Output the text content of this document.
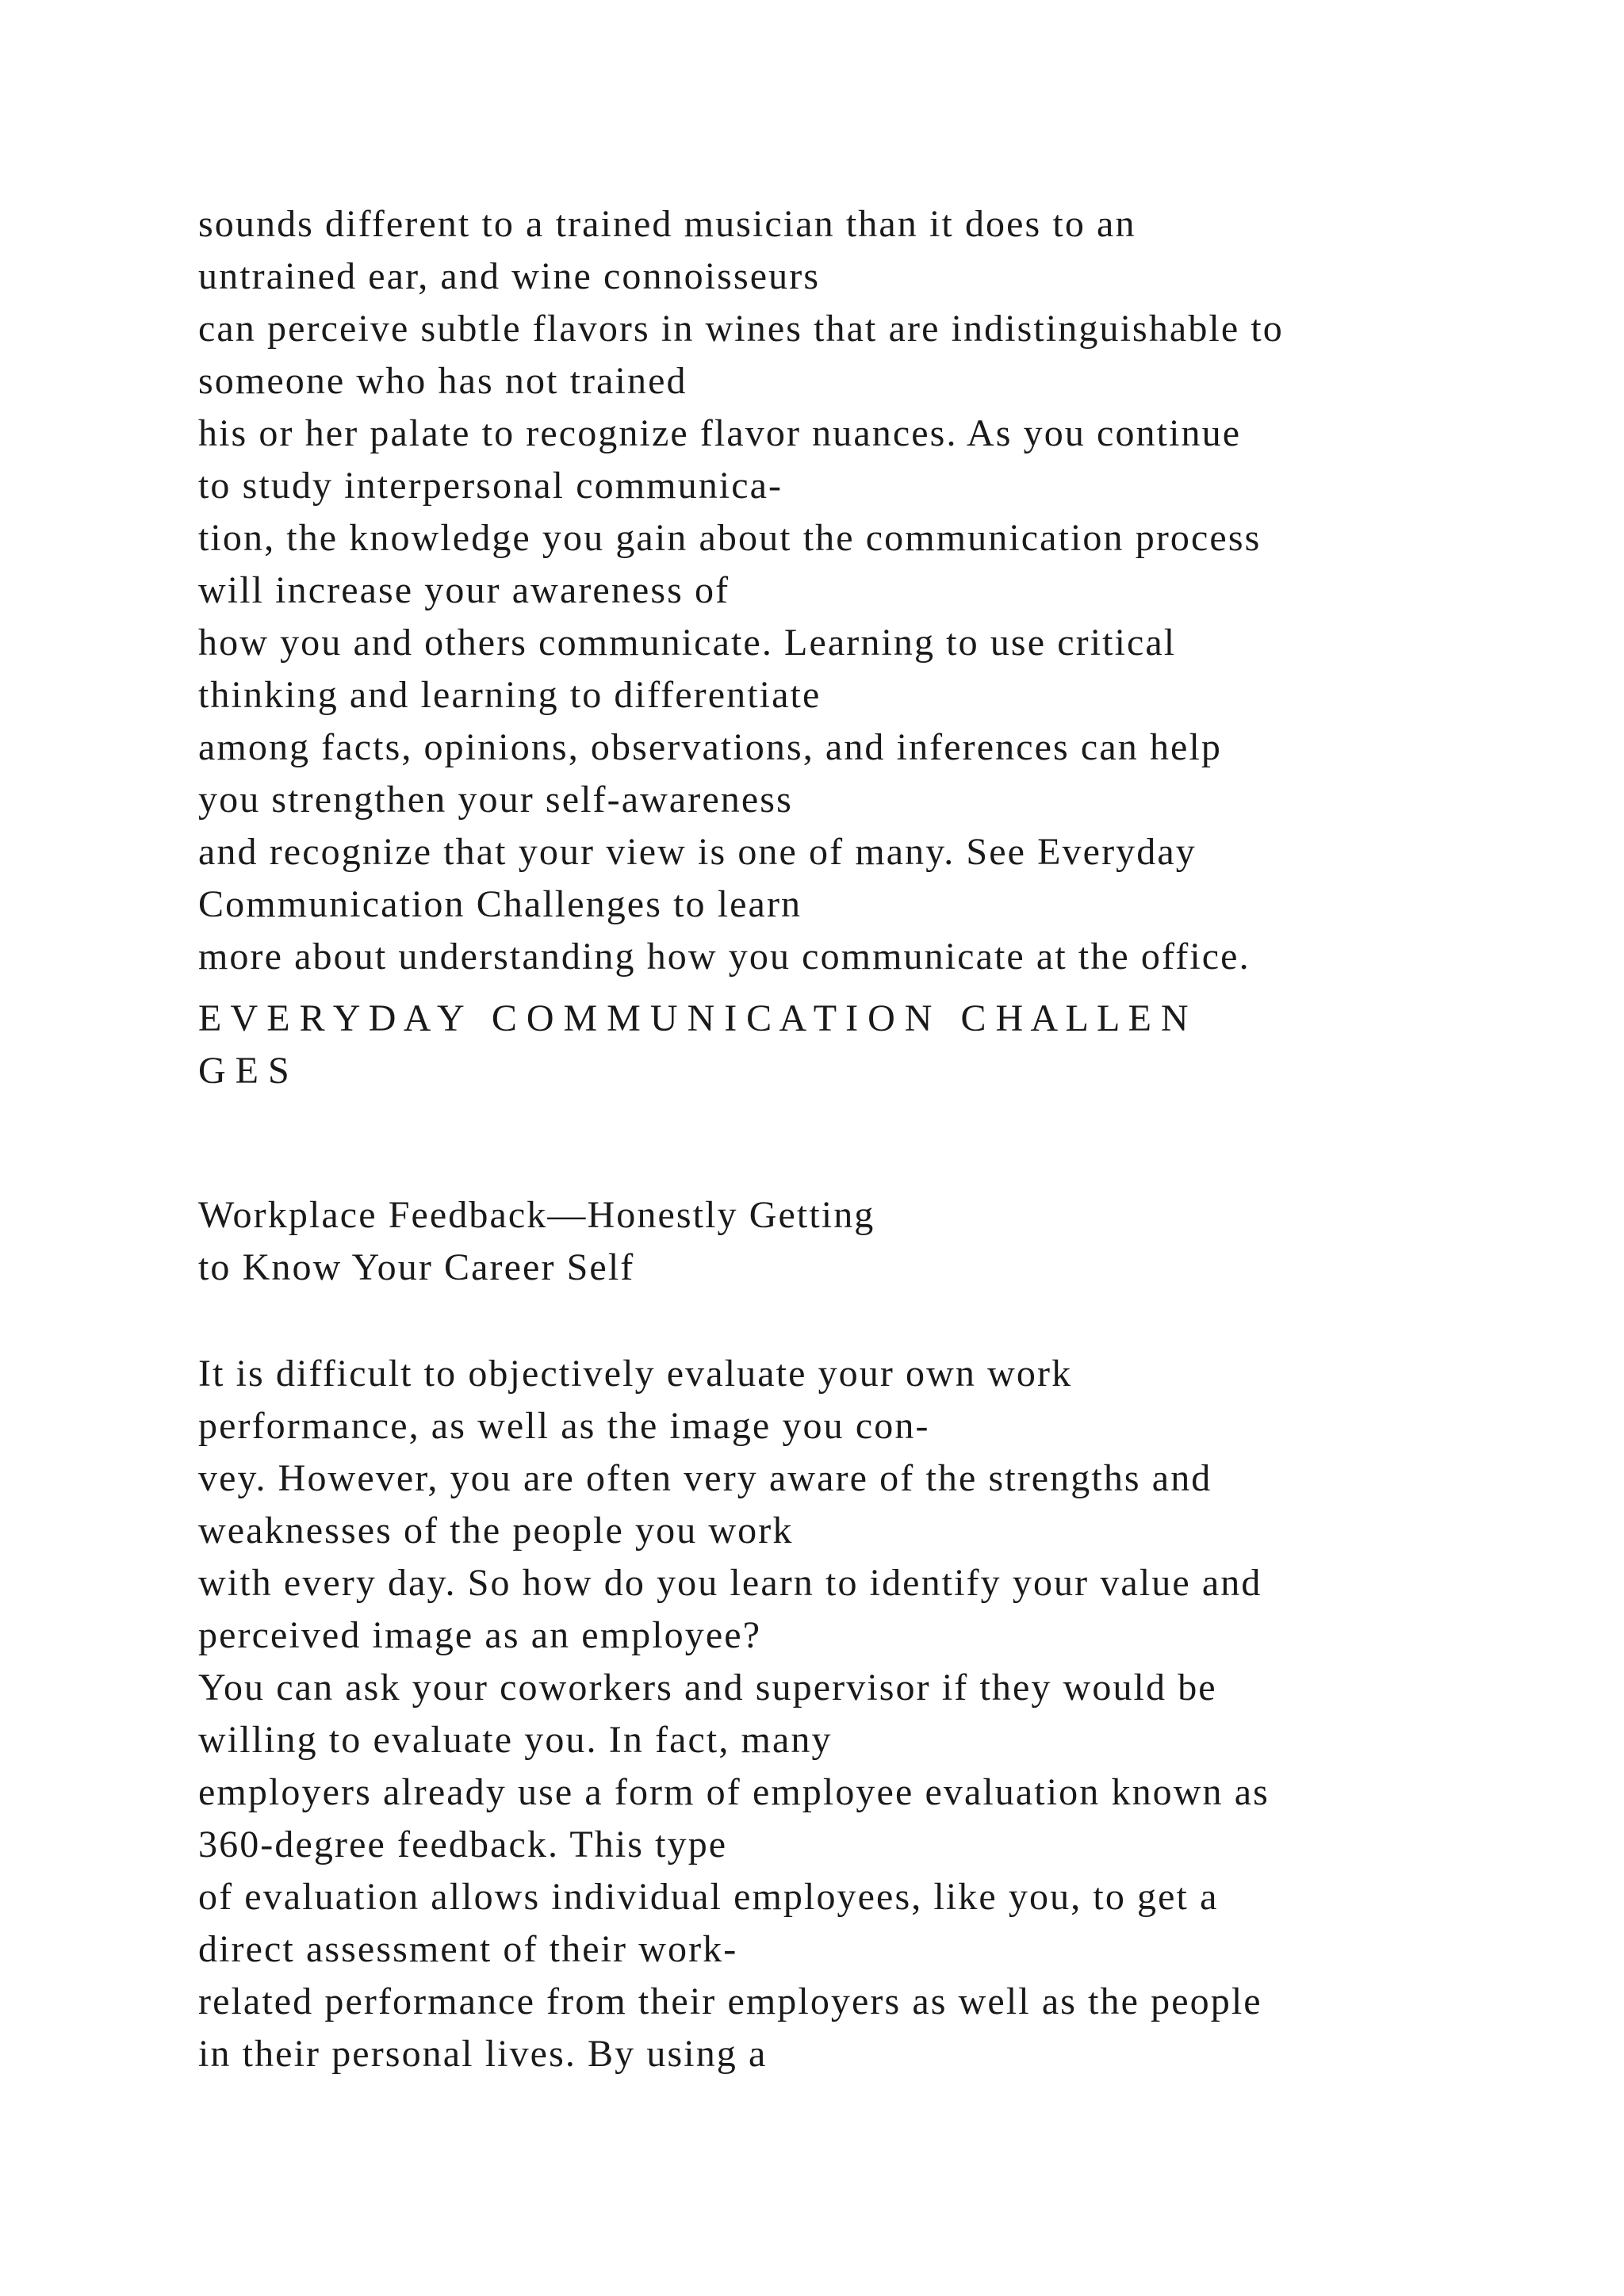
sounds different to a trained musician than it does to an
untrained ear, and wine connoisseurs
can perceive subtle flavors in wines that are indistinguishable to
someone who has not trained
his or her palate to recognize flavor nuances. As you continue
to study interpersonal communica-
tion, the knowledge you gain about the communication process
will increase your awareness of
how you and others communicate. Learning to use critical
thinking and learning to differentiate
among facts, opinions, observations, and inferences can help
you strengthen your self-awareness
and recognize that your view is one of many. See Everyday
Communication Challenges to learn
more about understanding how you communicate at the office.
E V E R Y D A Y   C O M M U N I C A T I O N   C H A L L E N
G E S
Workplace Feedback—Honestly Getting
to Know Your Career Self
It is difficult to objectively evaluate your own work
performance, as well as the image you con-
vey. However, you are often very aware of the strengths and
weaknesses of the people you work
with every day. So how do you learn to identify your value and
perceived image as an employee?
You can ask your coworkers and supervisor if they would be
willing to evaluate you. In fact, many
employers already use a form of employee evaluation known as
360-degree feedback. This type
of evaluation allows individual employees, like you, to get a
direct assessment of their work-
related performance from their employers as well as the people
in their personal lives. By using a
